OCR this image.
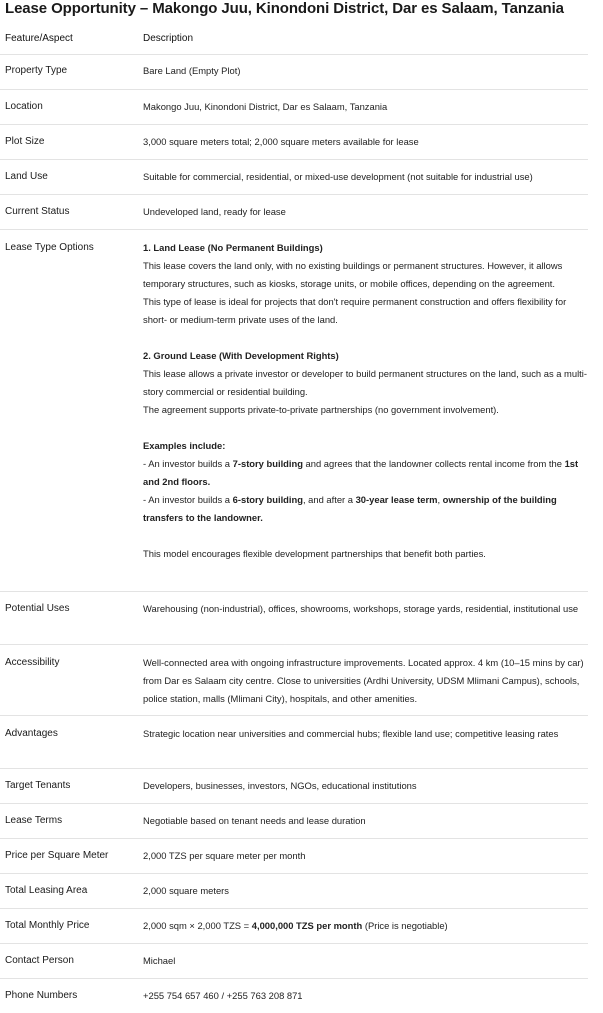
Lease Opportunity – Makongo Juu, Kinondoni District, Dar es Salaam, Tanzania
Feature/Aspect	Description
Property Type	Bare Land (Empty Plot)
Location	Makongo Juu, Kinondoni District, Dar es Salaam, Tanzania
Plot Size	3,000 square meters total; 2,000 square meters available for lease
Land Use	Suitable for commercial, residential, or mixed-use development (not suitable for industrial use)
Current Status	Undeveloped land, ready for lease
Lease Type Options	1. Land Lease (No Permanent Buildings)
This lease covers the land only, with no existing buildings or permanent structures. However, it allows temporary structures, such as kiosks, storage units, or mobile offices, depending on the agreement.
This type of lease is ideal for projects that don't require permanent construction and offers flexibility for short- or medium-term private uses of the land.
2. Ground Lease (With Development Rights)
This lease allows a private investor or developer to build permanent structures on the land, such as a multi-story commercial or residential building.
The agreement supports private-to-private partnerships (no government involvement).
Examples include:
- An investor builds a 7-story building and agrees that the landowner collects rental income from the 1st and 2nd floors.
- An investor builds a 6-story building, and after a 30-year lease term, ownership of the building transfers to the landowner.
This model encourages flexible development partnerships that benefit both parties.
Potential Uses	Warehousing (non-industrial), offices, showrooms, workshops, storage yards, residential, institutional use
Accessibility	Well-connected area with ongoing infrastructure improvements. Located approx. 4 km (10–15 mins by car) from Dar es Salaam city centre. Close to universities (Ardhi University, UDSM Mlimani Campus), schools, police station, malls (Mlimani City), hospitals, and other amenities.
Advantages	Strategic location near universities and commercial hubs; flexible land use; competitive leasing rates
Target Tenants	Developers, businesses, investors, NGOs, educational institutions
Lease Terms	Negotiable based on tenant needs and lease duration
Price per Square Meter	2,000 TZS per square meter per month
Total Leasing Area	2,000 square meters
Total Monthly Price	2,000 sqm × 2,000 TZS = 4,000,000 TZS per month (Price is negotiable)
Contact Person	Michael
Phone Numbers	+255 754 657 460 / +255 763 208 871
